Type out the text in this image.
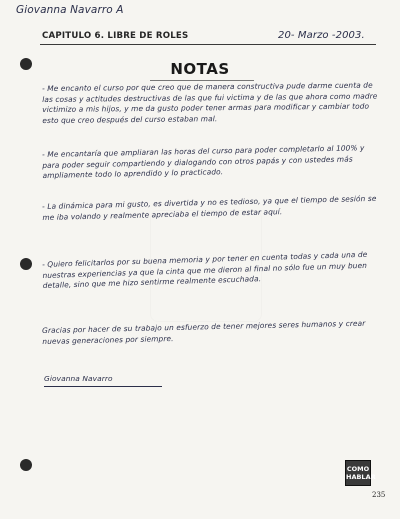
Giovanna Navarro A
CAPITULO 6. LIBRE DE ROLES	20- Marzo -2003.
NOTAS

- Me encanto el curso por que creo que de manera constructiva pude darme cuenta de las cosas y actitudes destructivas de las que fui victima y de las que ahora como madre victimizo a mis hijos, y me da gusto poder tener armas para modificar y cambiar todo esto que creo después del curso estaban mal.

- Me encantaría que ampliaran las horas del curso para poder completarlo al 100% y para poder seguir compartiendo y dialogando con otros papás y con ustedes más ampliamente todo lo aprendido y lo practicado.

- La dinámica para mi gusto, es divertida y no es tedioso, ya que el tiempo de sesión se me iba volando y realmente apreciaba el tiempo de estar aquí.

- Quiero felicitarlos por su buena memoria y por tener en cuenta todas y cada una de nuestras experiencias ya que la cinta que me dieron al final no sólo fue un muy buen detalle, sino que me hizo sentirme realmente escuchada.

Gracias por hacer de su trabajo un esfuerzo de tener mejores seres humanos y crear nuevas generaciones por siempre.

Giovanna Navarro
COMO HABLAR
235
